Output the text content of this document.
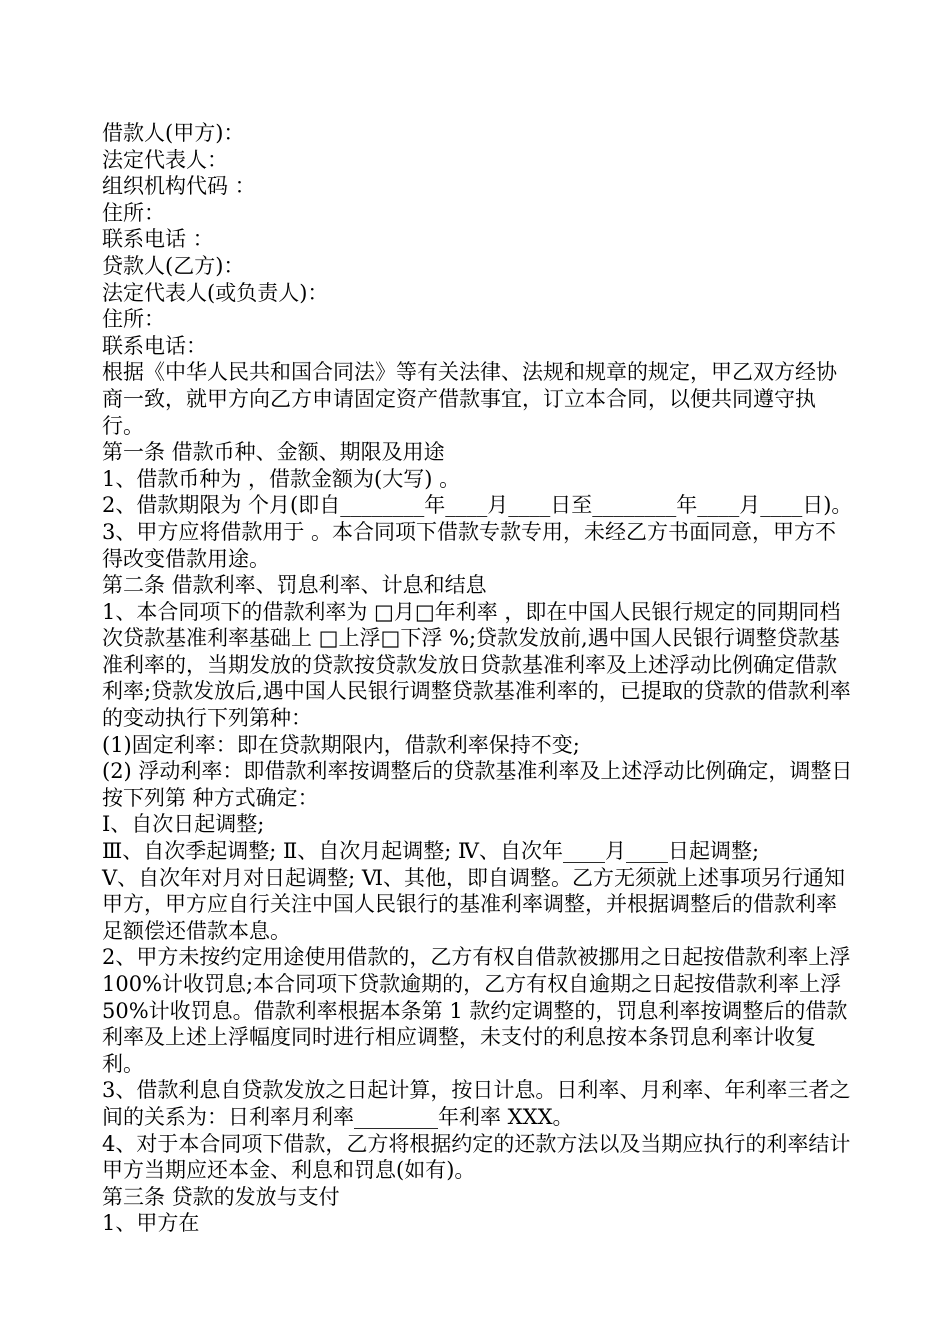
借款人(甲方)：

法定代表人：

组织机构代码 ：

住所：

联系电话 ：

贷款人(乙方)：

法定代表人(或负责人)：

住所：

联系电话：

根据《中华人民共和国合同法》等有关法律、法规和规章的规定，甲乙双方经协商一致，就甲方向乙方申请固定资产借款事宜，订立本合同，以便共同遵守执行。

第一条 借款币种、金额、期限及用途

1、借款币种为 ，借款金额为(大写) 。

2、借款期限为 个月(即自________年____月____日至________年____月____日)。

3、甲方应将借款用于 。本合同项下借款专款专用，未经乙方书面同意，甲方不得改变借款用途。

第二条 借款利率、罚息利率、计息和结息

1、本合同项下的借款利率为 □月□年利率 ，即在中国人民银行规定的同期同档次贷款基准利率基础上 □上浮□下浮 %;贷款发放前,遇中国人民银行调整贷款基准利率的，当期发放的贷款按贷款发放日贷款基准利率及上述浮动比例确定借款利率;贷款发放后,遇中国人民银行调整贷款基准利率的，已提取的贷款的借款利率的变动执行下列第种：

(1)固定利率：即在贷款期限内，借款利率保持不变;

(2) 浮动利率：即借款利率按调整后的贷款基准利率及上述浮动比例确定，调整日按下列第 种方式确定：

Ⅰ、自次日起调整;

Ⅲ、自次季起调整; Ⅱ、自次月起调整; Ⅳ、自次年____月____日起调整;

Ⅴ、自次年对月对日起调整; Ⅵ、其他，即自调整。乙方无须就上述事项另行通知甲方，甲方应自行关注中国人民银行的基准利率调整，并根据调整后的借款利率足额偿还借款本息。

2、甲方未按约定用途使用借款的，乙方有权自借款被挪用之日起按借款利率上浮 100%计收罚息;本合同项下贷款逾期的，乙方有权自逾期之日起按借款利率上浮 50%计收罚息。借款利率根据本条第 1 款约定调整的，罚息利率按调整后的借款利率及上述上浮幅度同时进行相应调整，未支付的利息按本条罚息利率计收复利。

3、借款利息自贷款发放之日起计算，按日计息。日利率、月利率、年利率三者之间的关系为：日利率月利率________年利率 XXX。

4、对于本合同项下借款，乙方将根据约定的还款方法以及当期应执行的利率结计甲方当期应还本金、利息和罚息(如有)。

第三条 贷款的发放与支付

1、甲方在
